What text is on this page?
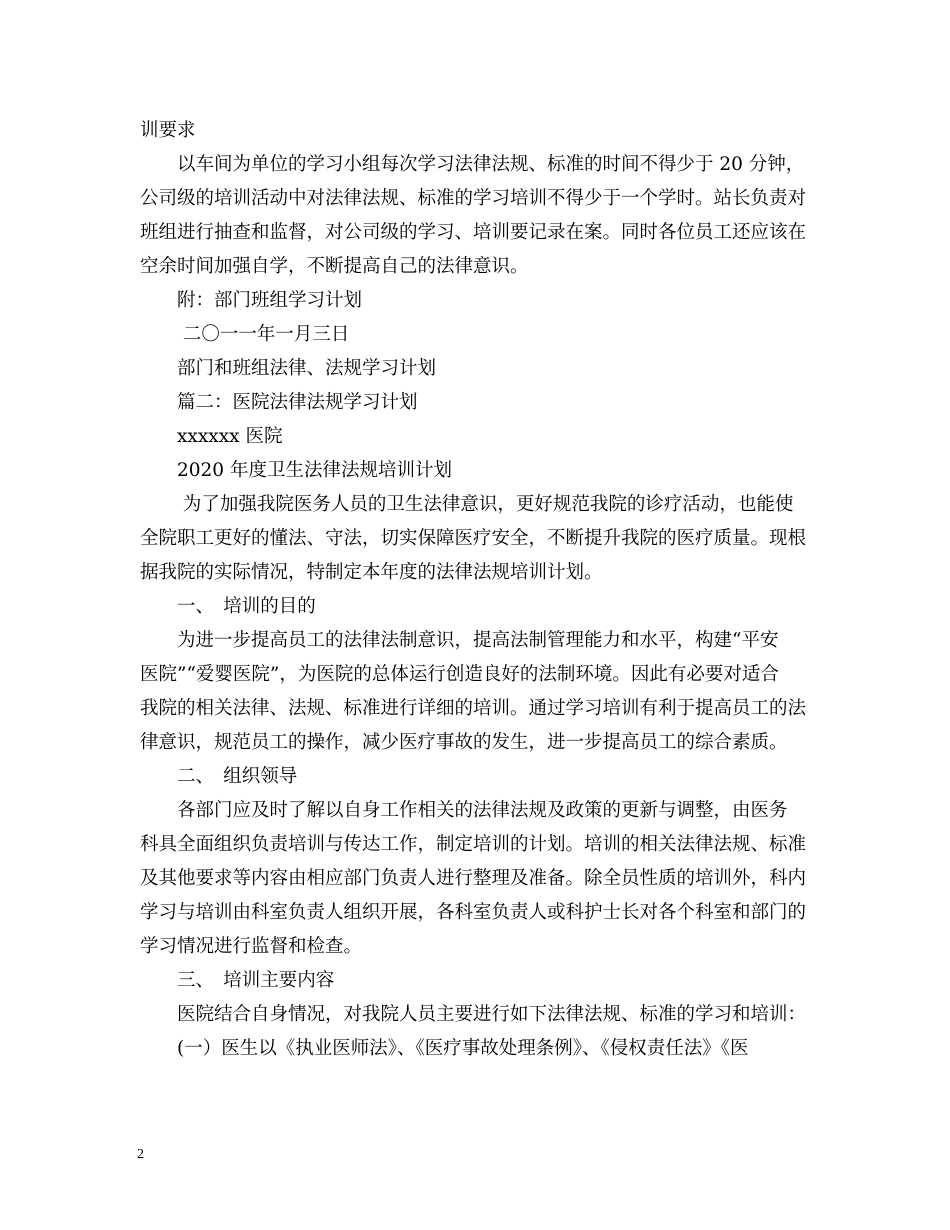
训要求
　　以车间为单位的学习小组每次学习法律法规、标准的时间不得少于 20 分钟，
公司级的培训活动中对法律法规、标准的学习培训不得少于一个学时。站长负责对
班组进行抽查和监督，对公司级的学习、培训要记录在案。同时各位员工还应该在
空余时间加强自学，不断提高自己的法律意识。
　　附：部门班组学习计划
　　 二〇一一年一月三日
　　部门和班组法律、法规学习计划
　　篇二：医院法律法规学习计划
　　xxxxxx 医院
　　2020 年度卫生法律法规培训计划
　　 为了加强我院医务人员的卫生法律意识，更好规范我院的诊疗活动，也能使
全院职工更好的懂法、守法，切实保障医疗安全，不断提升我院的医疗质量。现根
据我院的实际情况，特制定本年度的法律法规培训计划。
　　一、　培训的目的
　　为进一步提高员工的法律法制意识，提高法制管理能力和水平，构建“平安
医院”“爱婴医院”，为医院的总体运行创造良好的法制环境。因此有必要对适合
我院的相关法律、法规、标准进行详细的培训。通过学习培训有利于提高员工的法
律意识，规范员工的操作，减少医疗事故的发生，进一步提高员工的综合素质。
　　二、　组织领导
　　各部门应及时了解以自身工作相关的法律法规及政策的更新与调整，由医务
科具全面组织负责培训与传达工作，制定培训的计划。培训的相关法律法规、标准
及其他要求等内容由相应部门负责人进行整理及准备。除全员性质的培训外，科内
学习与培训由科室负责人组织开展，各科室负责人或科护士长对各个科室和部门的
学习情况进行监督和检查。
　　三、　培训主要内容
　　医院结合自身情况，对我院人员主要进行如下法律法规、标准的学习和培训：
　　(一）医生以《执业医师法》、《医疗事故处理条例》、《侵权责任法》《医
2
